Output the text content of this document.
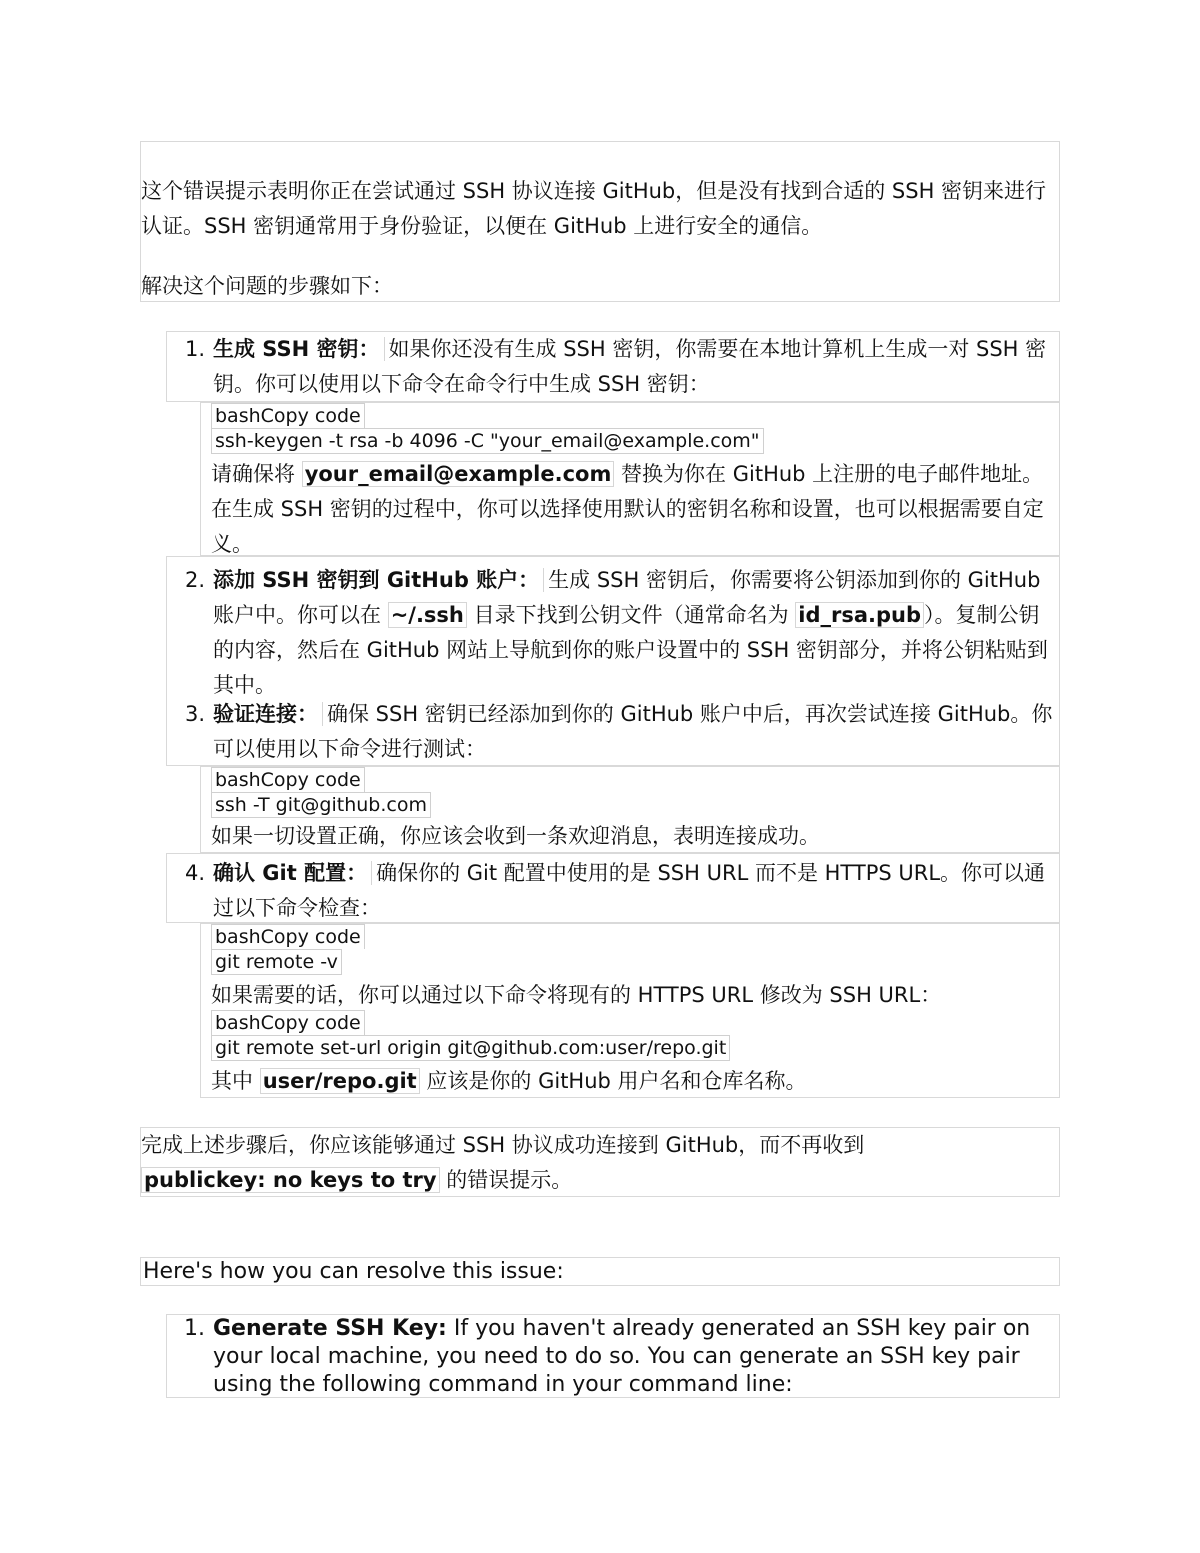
这个错误提示表明你正在尝试通过 SSH 协议连接 GitHub，但是没有找到合适的 SSH 密钥来进行认证。SSH 密钥通常用于身份验证，以便在 GitHub 上进行安全的通信。

解决这个问题的步骤如下：

1. 生成 SSH 密钥： 如果你还没有生成 SSH 密钥，你需要在本地计算机上生成一对 SSH 密钥。你可以使用以下命令在命令行中生成 SSH 密钥：

bashCopy code
ssh-keygen -t rsa -b 4096 -C "your_email@example.com"

请确保将 your_email@example.com 替换为你在 GitHub 上注册的电子邮件地址。在生成 SSH 密钥的过程中，你可以选择使用默认的密钥名称和设置，也可以根据需要自定义。

2. 添加 SSH 密钥到 GitHub 账户： 生成 SSH 密钥后，你需要将公钥添加到你的 GitHub 账户中。你可以在 ~/.ssh 目录下找到公钥文件（通常命名为 id_rsa.pub ）。复制公钥的内容，然后在 GitHub 网站上导航到你的账户设置中的 SSH 密钥部分，并将公钥粘贴到其中。

3. 验证连接： 确保 SSH 密钥已经添加到你的 GitHub 账户中后，再次尝试连接 GitHub。你可以使用以下命令进行测试：

bashCopy code
ssh -T git@github.com

如果一切设置正确，你应该会收到一条欢迎消息，表明连接成功。

4. 确认 Git 配置： 确保你的 Git 配置中使用的是 SSH URL 而不是 HTTPS URL。你可以通过以下命令检查：

bashCopy code
git remote -v

如果需要的话，你可以通过以下命令将现有的 HTTPS URL 修改为 SSH URL：

bashCopy code
git remote set-url origin git@github.com:user/repo.git

其中 user/repo.git 应该是你的 GitHub 用户名和仓库名称。

完成上述步骤后，你应该能够通过 SSH 协议成功连接到 GitHub，而不再收到
publickey: no keys to try 的错误提示。

Here's how you can resolve this issue:

1. Generate SSH Key: If you haven't already generated an SSH key pair on your local machine, you need to do so. You can generate an SSH key pair using the following command in your command line:
